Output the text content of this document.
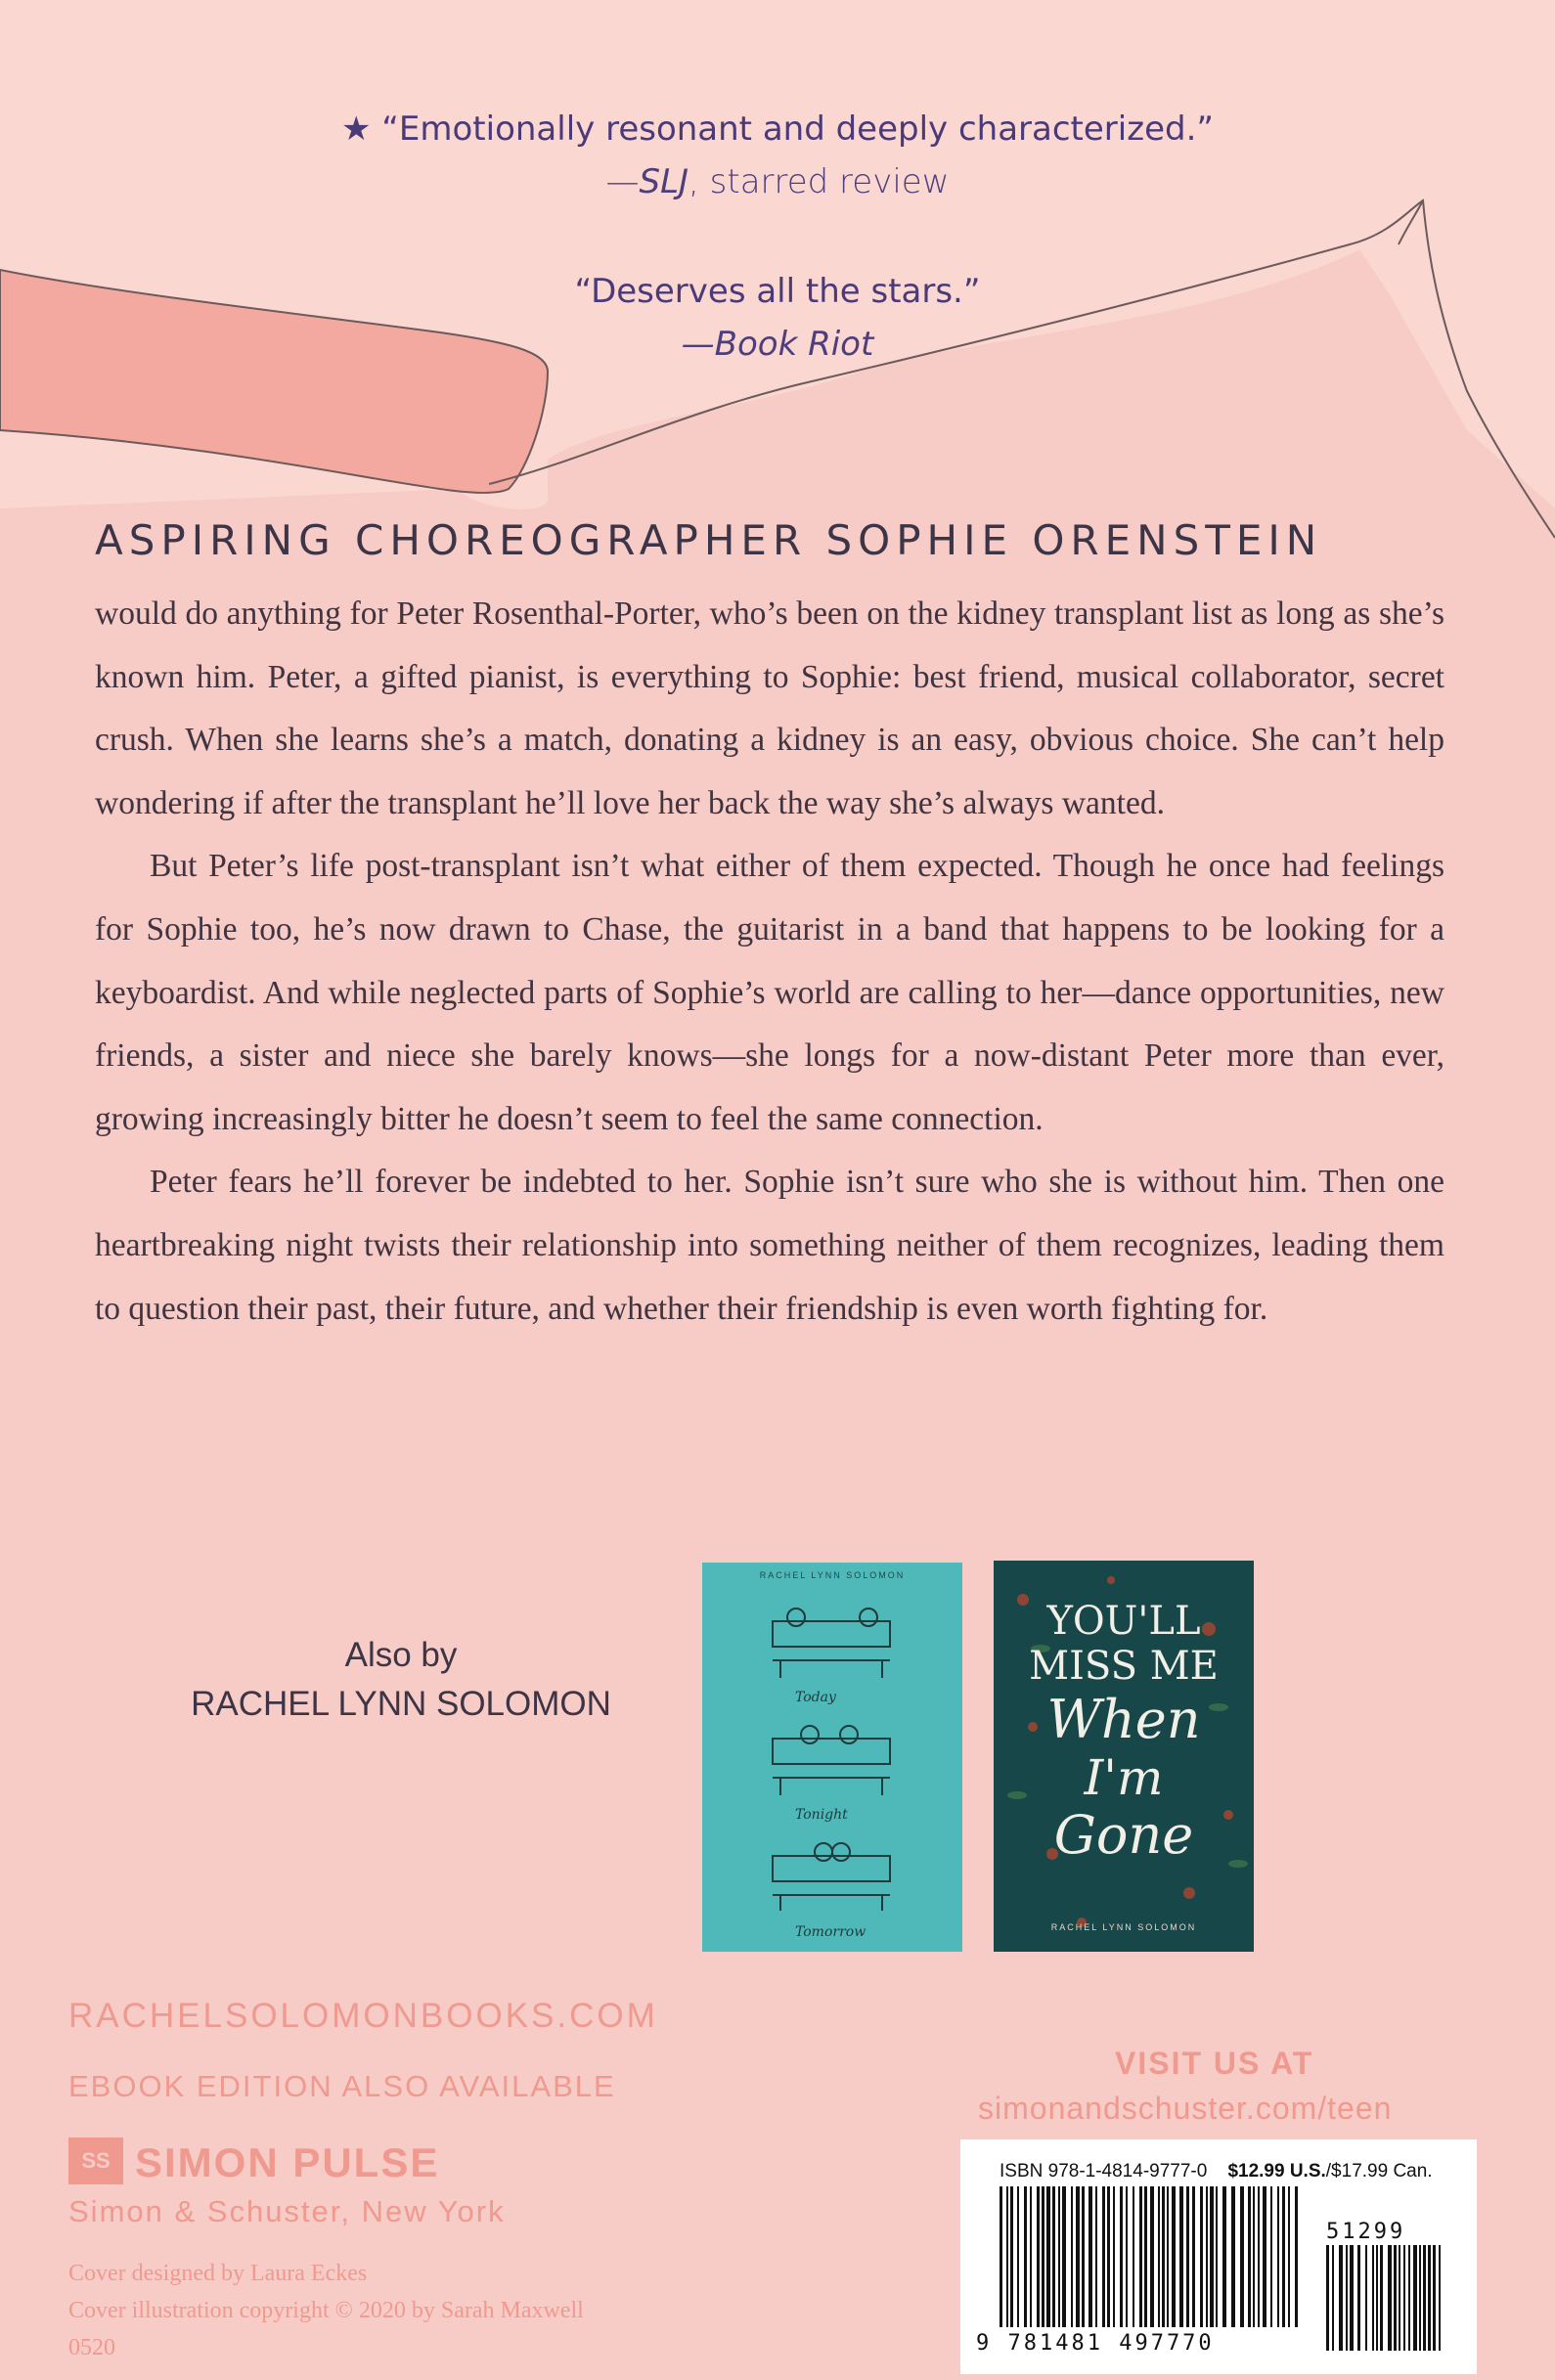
★ “Emotionally resonant and deeply characterized.”
—SLJ, starred review
“Deserves all the stars.”
—Book Riot
ASPIRING CHOREOGRAPHER SOPHIE ORENSTEIN

would do anything for Peter Rosenthal-Porter, who’s been on the kidney transplant list as long as she’s known him. Peter, a gifted pianist, is everything to Sophie: best friend, musical collaborator, secret crush. When she learns she’s a match, donating a kidney is an easy, obvious choice. She can’t help wondering if after the transplant he’ll love her back the way she’s always wanted.

But Peter’s life post-transplant isn’t what either of them expected. Though he once had feelings for Sophie too, he’s now drawn to Chase, the guitarist in a band that happens to be looking for a keyboardist. And while neglected parts of Sophie’s world are calling to her—dance opportunities, new friends, a sister and niece she barely knows—she longs for a now-distant Peter more than ever, growing increasingly bitter he doesn’t seem to feel the same connection.

Peter fears he’ll forever be indebted to her. Sophie isn’t sure who she is without him. Then one heartbreaking night twists their relationship into something neither of them recognizes, leading them to question their past, their future, and whether their friendship is even worth fighting for.

Also by
RACHEL LYNN SOLOMON
RACHEL LYNN SOLOMON
Today
Tonight
Tomorrow
YOU'LL
MISS ME
When
I'm
Gone
RACHEL LYNN SOLOMON
RACHELSOLOMONBOOKS.COM
EBOOK EDITION ALSO AVAILABLE
SS SIMON PULSE
Simon & Schuster, New York
Cover designed by Laura Eckes
Cover illustration copyright © 2020 by Sarah Maxwell
0520
VISIT US AT
simonandschuster.com/teen
ISBN 978-1-4814-9777-0 $12.99 U.S./$17.99 Can.
51299
9 781481 497770
